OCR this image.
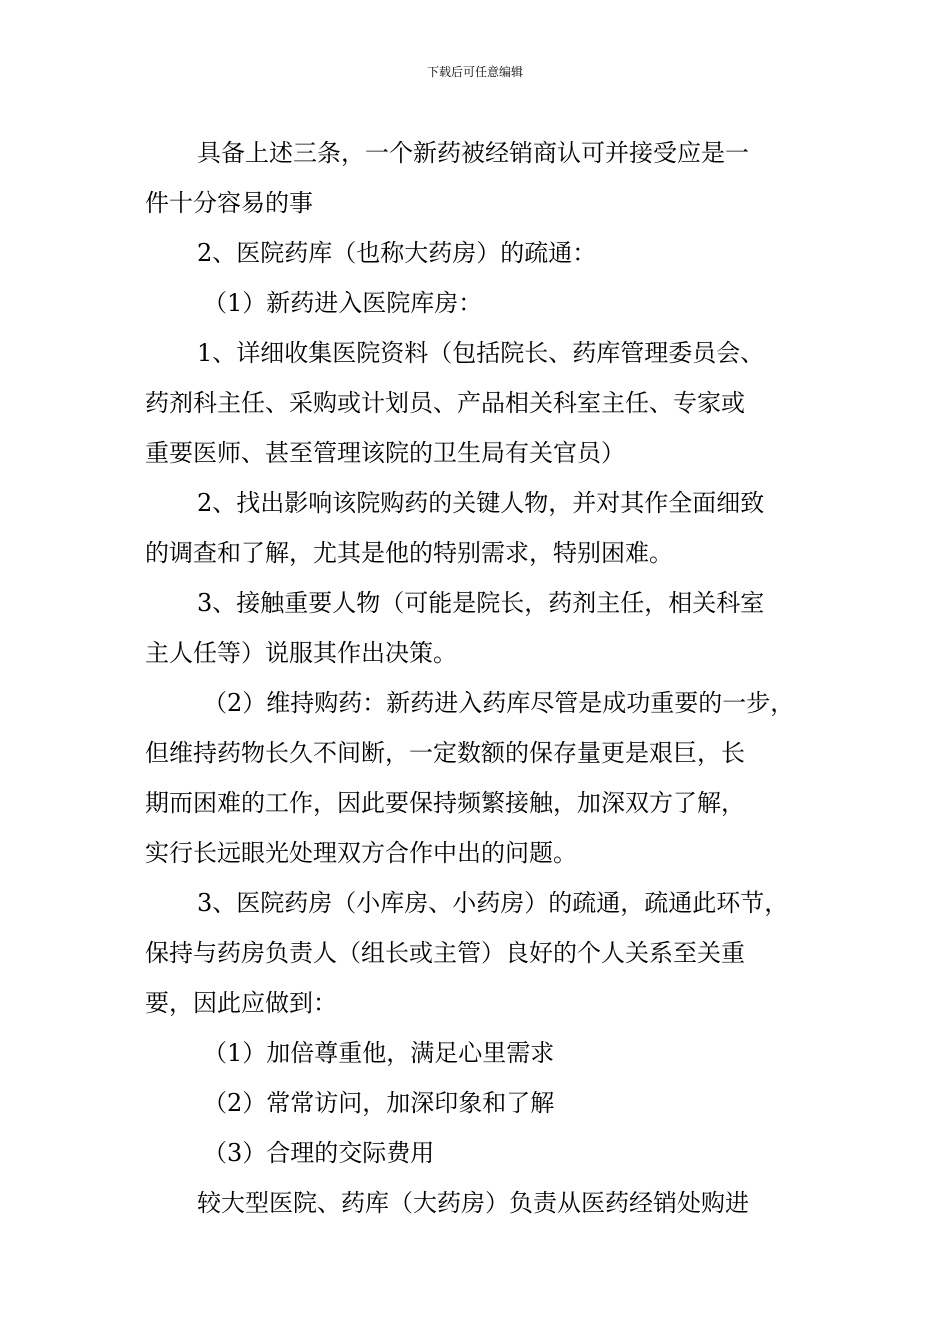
下载后可任意编辑

具备上述三条，一个新药被经销商认可并接受应是一
件十分容易的事

2、医院药库（也称大药房）的疏通：

（1）新药进入医院库房：

1、详细收集医院资料（包括院长、药库管理委员会、
药剂科主任、采购或计划员、产品相关科室主任、专家或
重要医师、甚至管理该院的卫生局有关官员）

2、找出影响该院购药的关键人物，并对其作全面细致
的调查和了解，尤其是他的特别需求，特别困难。

3、接触重要人物（可能是院长，药剂主任，相关科室
主人任等）说服其作出决策。

（2）维持购药：新药进入药库尽管是成功重要的一步，
但维持药物长久不间断，一定数额的保存量更是艰巨，长
期而困难的工作，因此要保持频繁接触，加深双方了解，
实行长远眼光处理双方合作中出的问题。

3、医院药房（小库房、小药房）的疏通，疏通此环节，
保持与药房负责人（组长或主管）良好的个人关系至关重
要，因此应做到：

（1）加倍尊重他，满足心里需求

（2）常常访问，加深印象和了解

（3）合理的交际费用

较大型医院、药库（大药房）负责从医药经销处购进
